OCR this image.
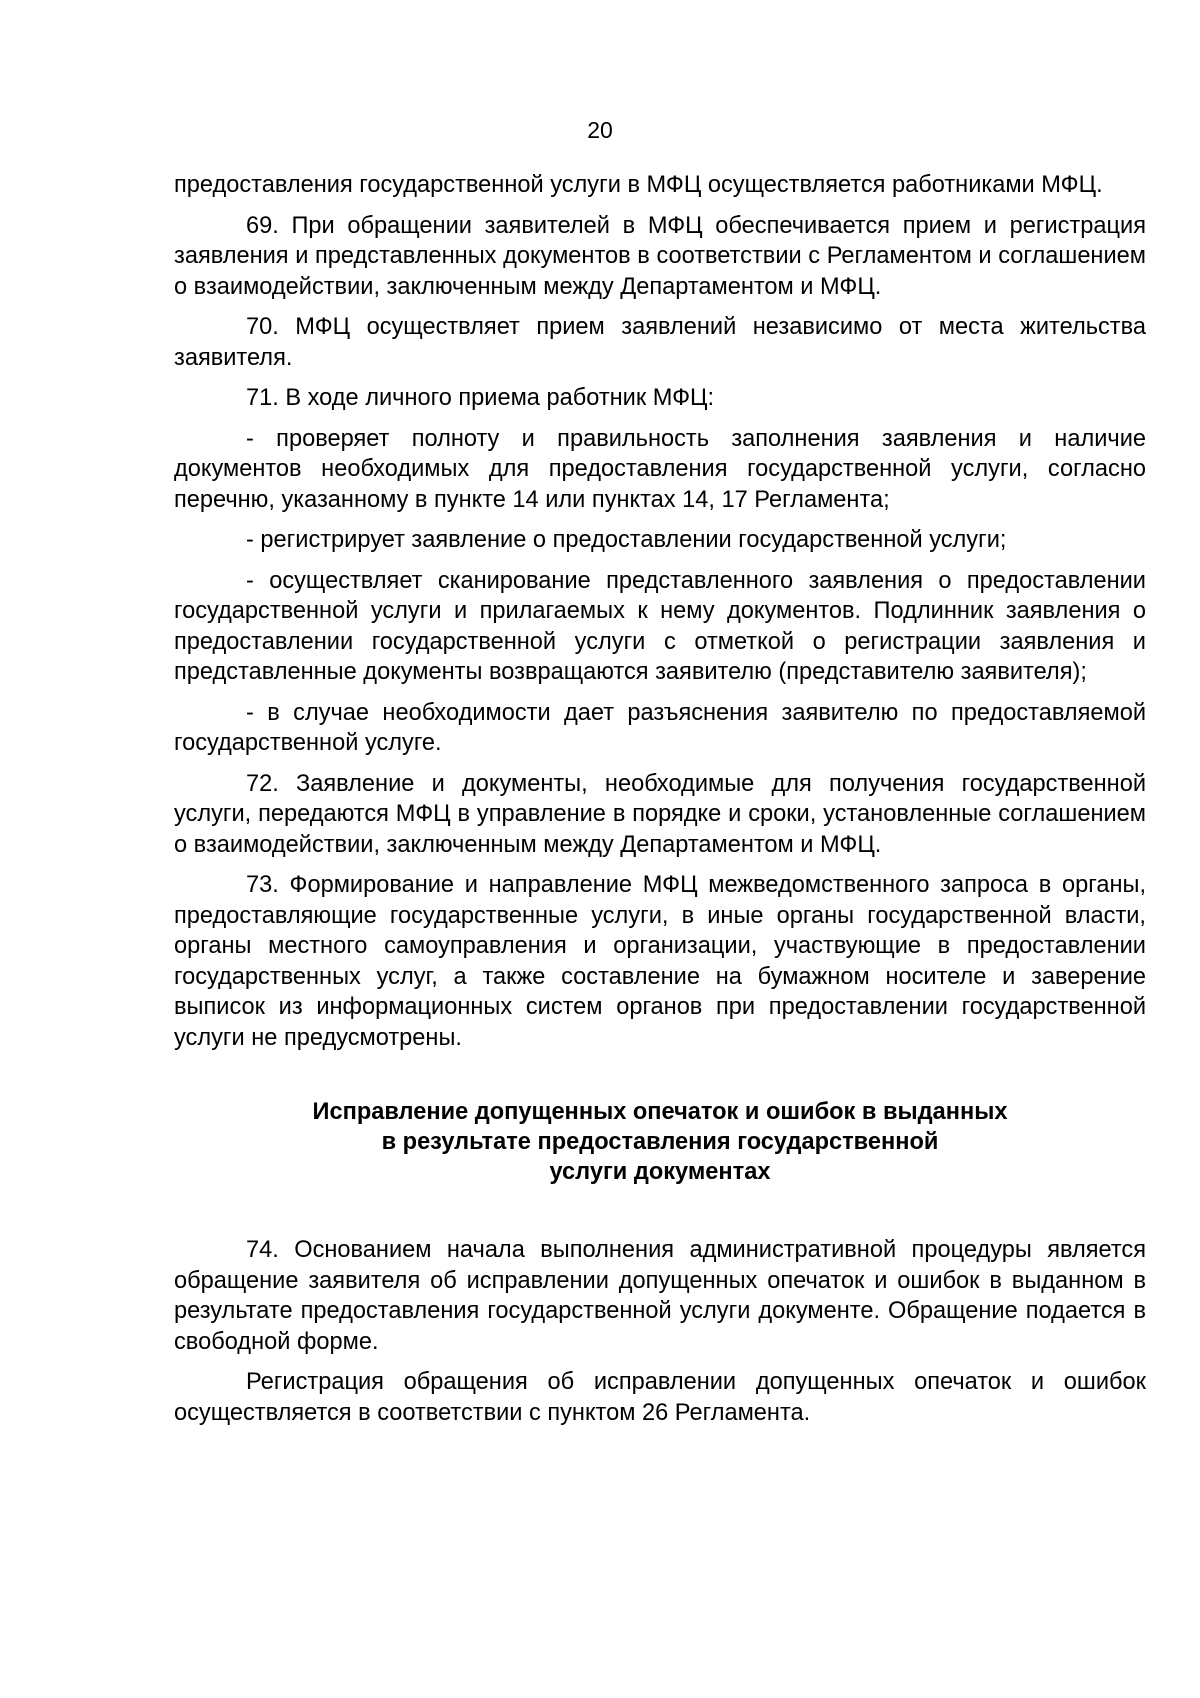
20

предоставления государственной услуги в МФЦ осуществляется работниками МФЦ.

69. При обращении заявителей в МФЦ обеспечивается прием и регистрация заявления и представленных документов в соответствии с Регламентом и соглашением о взаимодействии, заключенным между Департаментом и МФЦ.

70. МФЦ осуществляет прием заявлений независимо от места жительства заявителя.

71. В ходе личного приема работник МФЦ:

- проверяет полноту и правильность заполнения заявления и наличие документов необходимых для предоставления государственной услуги, согласно перечню, указанному в пункте 14 или пунктах 14, 17 Регламента;

- регистрирует заявление о предоставлении государственной услуги;

- осуществляет сканирование представленного заявления о предоставлении государственной услуги и прилагаемых к нему документов. Подлинник заявления о предоставлении государственной услуги с отметкой о регистрации заявления и представленные документы возвращаются заявителю (представителю заявителя);

- в случае необходимости дает разъяснения заявителю по предоставляемой государственной услуге.

72. Заявление и документы, необходимые для получения государственной услуги, передаются МФЦ в управление в порядке и сроки, установленные соглашением о взаимодействии, заключенным между Департаментом и МФЦ.

73. Формирование и направление МФЦ межведомственного запроса в органы, предоставляющие государственные услуги, в иные органы государственной власти, органы местного самоуправления и организации, участвующие в предоставлении государственных услуг, а также составление на бумажном носителе и заверение выписок из информационных систем органов при предоставлении государственной услуги не предусмотрены.

Исправление допущенных опечаток и ошибок в выданных
в результате предоставления государственной
услуги документах

74. Основанием начала выполнения административной процедуры является обращение заявителя об исправлении допущенных опечаток и ошибок в выданном в результате предоставления государственной услуги документе. Обращение подается в свободной форме.

Регистрация обращения об исправлении допущенных опечаток и ошибок осуществляется в соответствии с пунктом 26 Регламента.
